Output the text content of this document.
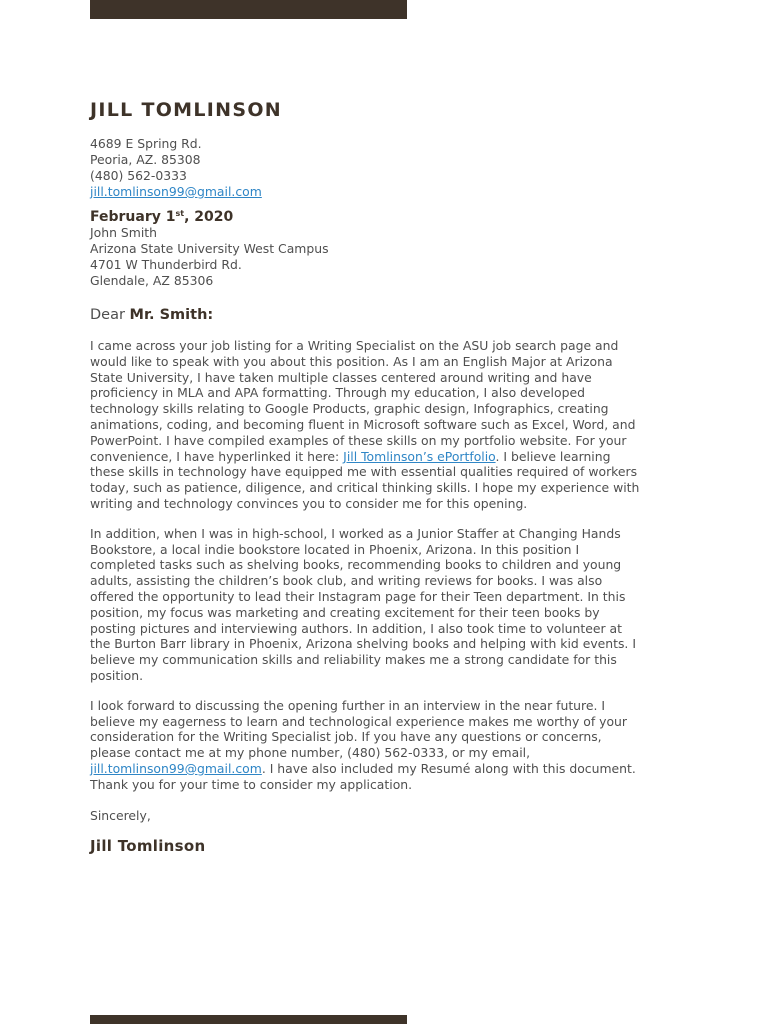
JILL TOMLINSON
4689 E Spring Rd.
Peoria, AZ. 85308
(480) 562-0333
jill.tomlinson99@gmail.com
February 1st, 2020
John Smith
Arizona State University West Campus
4701 W Thunderbird Rd.
Glendale, AZ 85306
Dear Mr. Smith:
I came across your job listing for a Writing Specialist on the ASU job search page and
would like to speak with you about this position. As I am an English Major at Arizona
State University, I have taken multiple classes centered around writing and have
proficiency in MLA and APA formatting. Through my education, I also developed
technology skills relating to Google Products, graphic design, Infographics, creating
animations, coding, and becoming fluent in Microsoft software such as Excel, Word, and
PowerPoint. I have compiled examples of these skills on my portfolio website. For your
convenience, I have hyperlinked it here: Jill Tomlinson’s ePortfolio. I believe learning
these skills in technology have equipped me with essential qualities required of workers
today, such as patience, diligence, and critical thinking skills. I hope my experience with
writing and technology convinces you to consider me for this opening.
In addition, when I was in high-school, I worked as a Junior Staffer at Changing Hands
Bookstore, a local indie bookstore located in Phoenix, Arizona. In this position I
completed tasks such as shelving books, recommending books to children and young
adults, assisting the children’s book club, and writing reviews for books. I was also
offered the opportunity to lead their Instagram page for their Teen department. In this
position, my focus was marketing and creating excitement for their teen books by
posting pictures and interviewing authors. In addition, I also took time to volunteer at
the Burton Barr library in Phoenix, Arizona shelving books and helping with kid events. I
believe my communication skills and reliability makes me a strong candidate for this
position.
I look forward to discussing the opening further in an interview in the near future. I
believe my eagerness to learn and technological experience makes me worthy of your
consideration for the Writing Specialist job. If you have any questions or concerns,
please contact me at my phone number, (480) 562-0333, or my email,
jill.tomlinson99@gmail.com. I have also included my Resumé along with this document.
Thank you for your time to consider my application.
Sincerely,
Jill Tomlinson
